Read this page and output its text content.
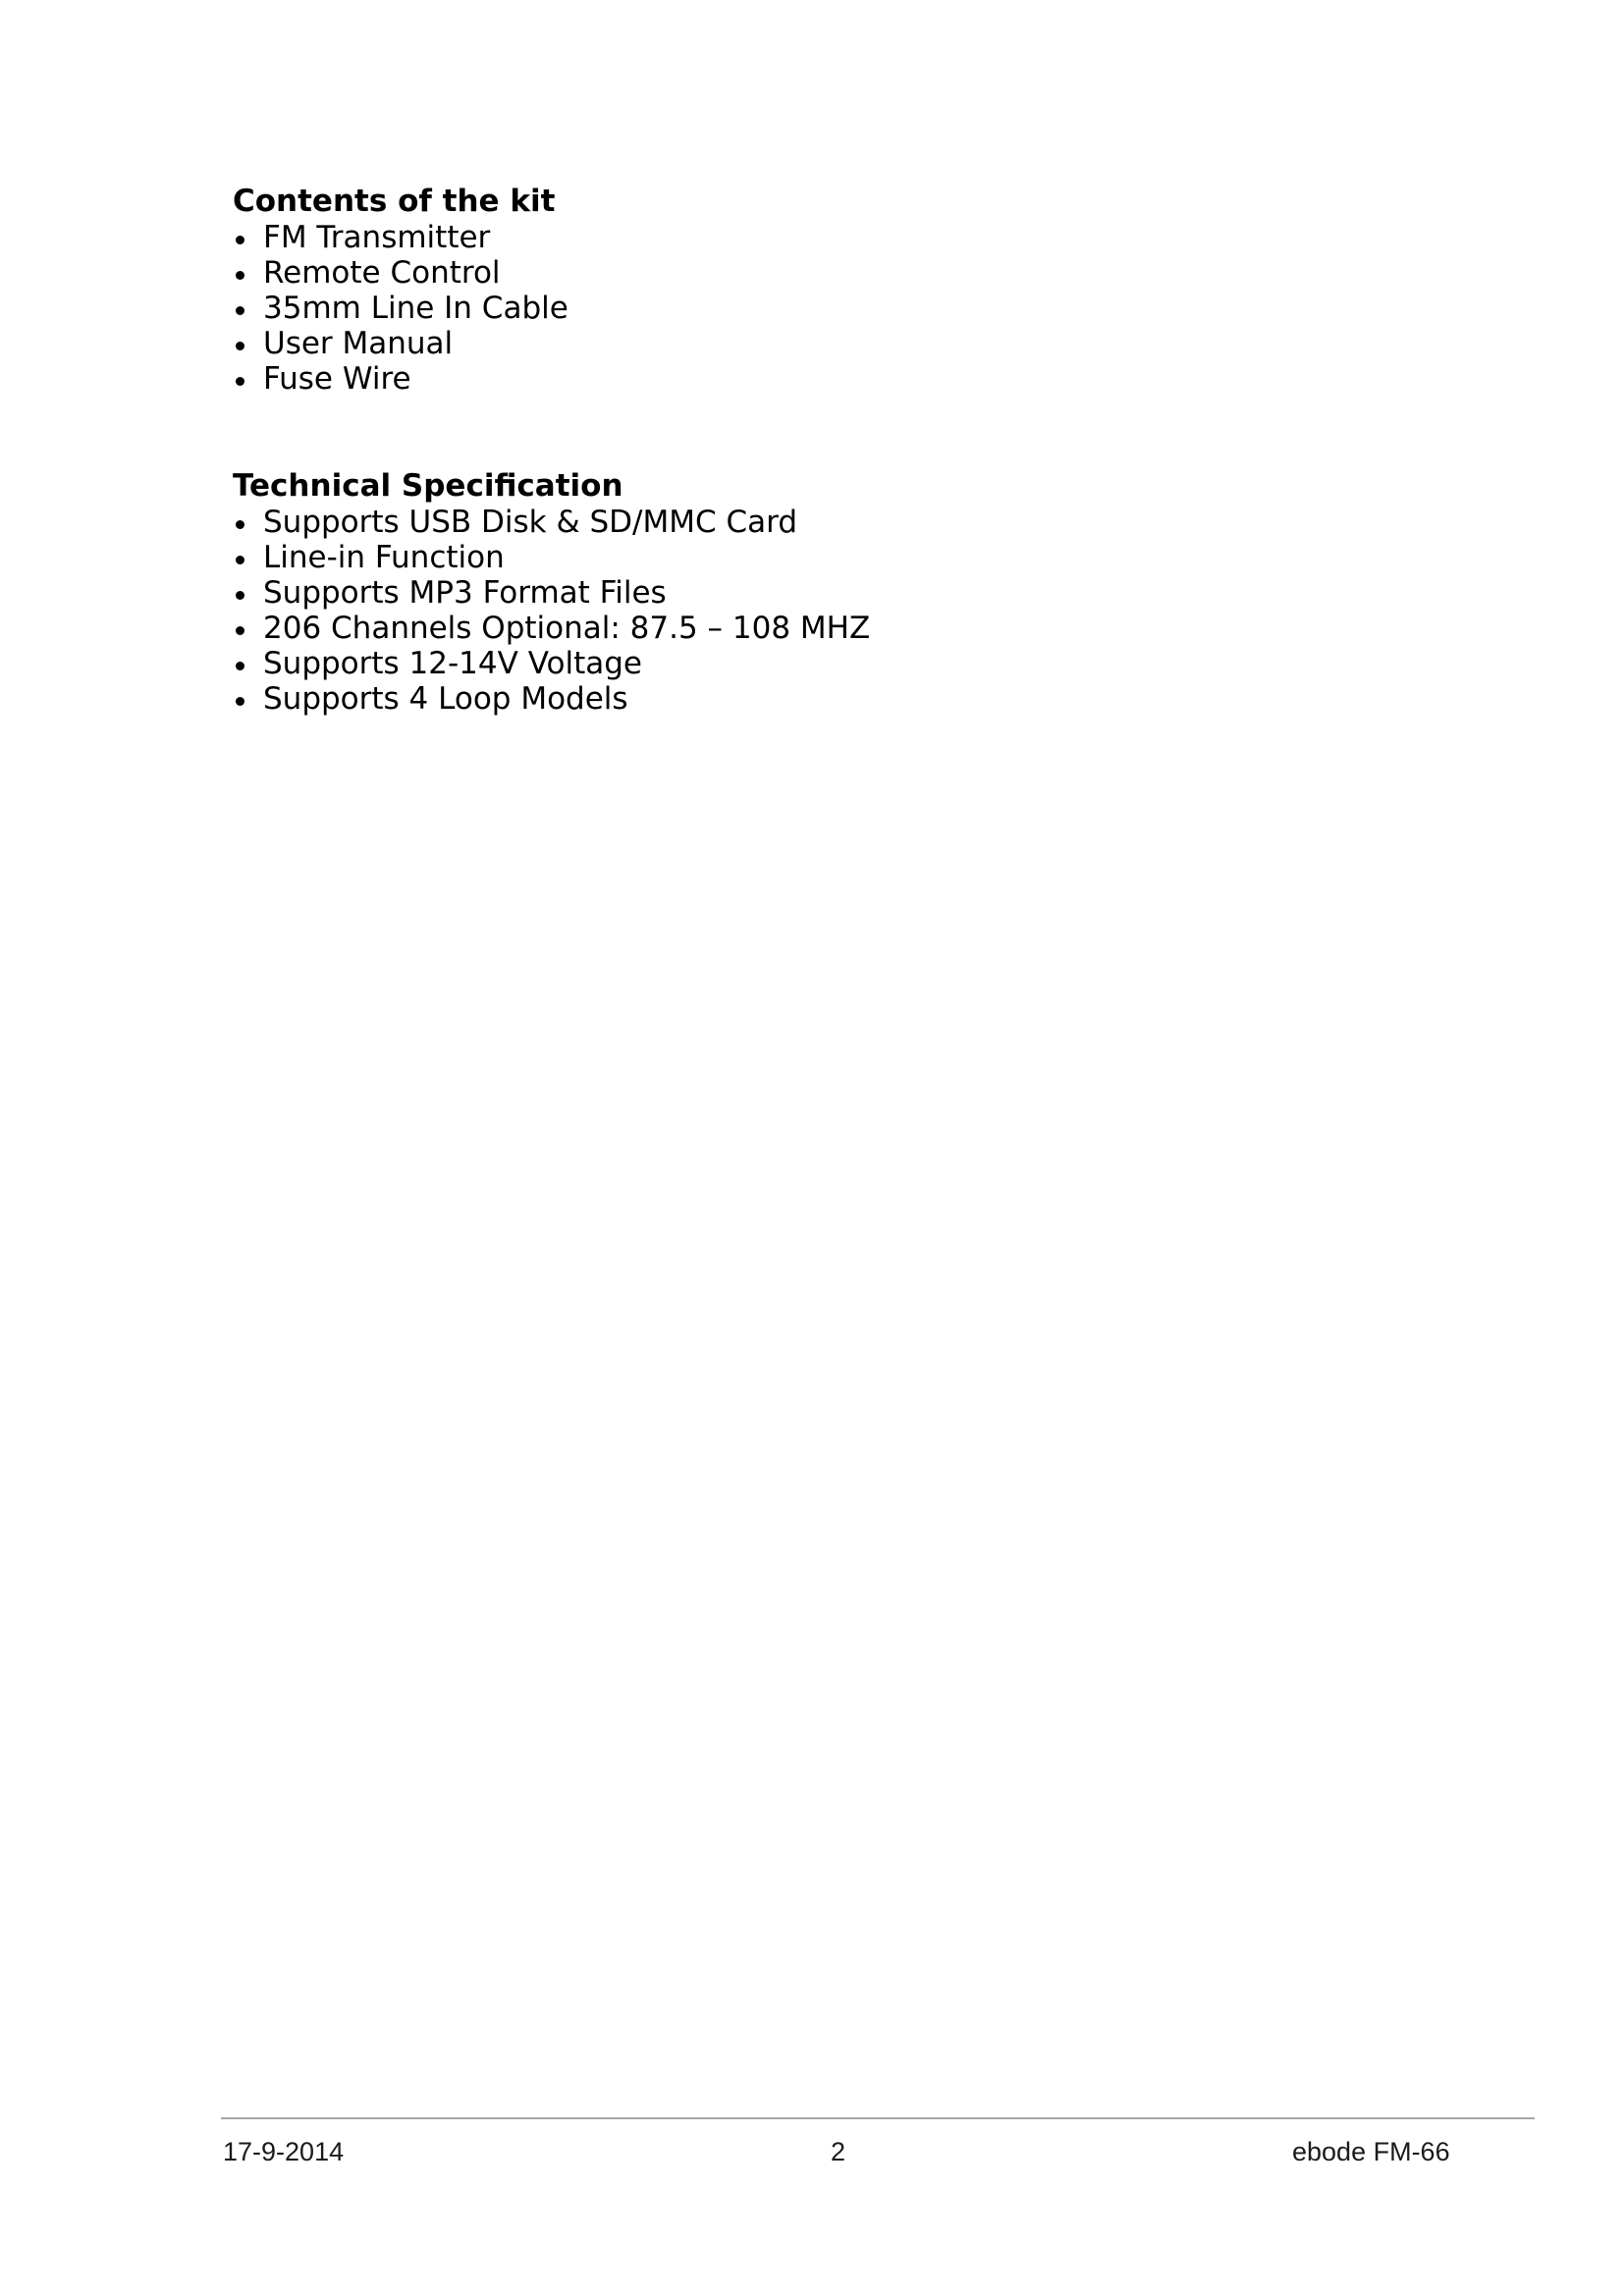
Contents of the kit
FM Transmitter
Remote Control
35mm Line In Cable
User Manual
Fuse Wire
Technical Specification
Supports USB Disk & SD/MMC Card
Line-in Function
Supports MP3 Format Files
206 Channels Optional: 87.5 – 108 MHZ
Supports 12-14V Voltage
Supports 4 Loop Models
17-9-2014	2	ebode FM-66
